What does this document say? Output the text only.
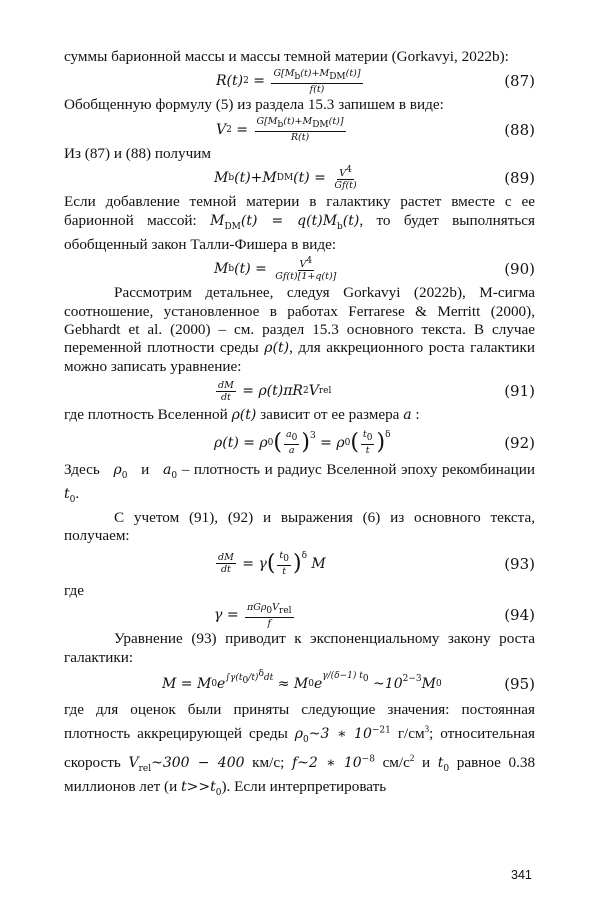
суммы барионной массы и массы темной материи (Gorkavyi, 2022b):

R(t) $2 = G[M_b(t)+M_{DM}(t)]$
f(t)	(87)

Обобщенную формулу (5) из раздела 15.3 запишем в виде:

V $2 = G[M_b(t)+M_{DM}(t)]$
R(t)	(88)

Из (87) и (88) получим

M b (t)+M DM $(t) = V^4$
Gf(t)	(89)

Если добавление темной материи в галактику растет вместе с ее барионной массой: $M_{DM}(t) = q(t)M_b(t)$, то будет выполняться обобщенный закон Талли-Фишера в виде:

M b (t) =	$V^4$
Gf(t)[1+q(t)]	(90)

Рассмотрим детальнее, следуя Gorkavyi (2022b), М-сигма соотношение, установленное в работах Ferrarese & Merritt (2000), Gebhardt et al. (2000) – см. раздел 15.3 основного текста. В случае переменной плотности среды ρ(t), для аккреционного роста галактики можно записать уравнение:

dM
dt = ρ(t)πR 2 V rel	(91)

где плотность Вселенной ρ(t) зависит от ее размера a :

ρ(t) = ρ 0 ( $a_0$
a )$^3 = \rho_0$ ( $t_0$
t )$^\delta$	(92)

Здесь $\rho_0$ и $a_0$ – плотность и радиус Вселенной эпоху рекомбинации $t_0$.

С учетом (91), (92) и выражения (6) из основного текста, получаем:

dM
dt = γ ( $t_0$
t )$^\delta$ M	(93)

где

$\gamma = \pi G\rho_0V_{rel}$
f	(94)

Уравнение (93) приводит к экспоненциальному закону роста галактики:

M = M 0 $e^{\int\gamma(t_0/t)^\delta dt} \approx M_0$ e
$^{\gamma/(\delta-1) t_0}$ ~10 2−3 $M_0$	(95)

где для оценок были приняты следующие значения: постоянная плотность аккрецирующей среды $\rho_0\sim 3$ ∗ $10^{-21}$ $г/см^3$; относительная скорость $V_{rel}\sim 300 - 400$ км/с; f~2 ∗ $10^{-8}$ $см/с^2$ и $t_0$ равное 0.38 миллионов лет (и $t>>t_0$). Если интерпретировать

341
